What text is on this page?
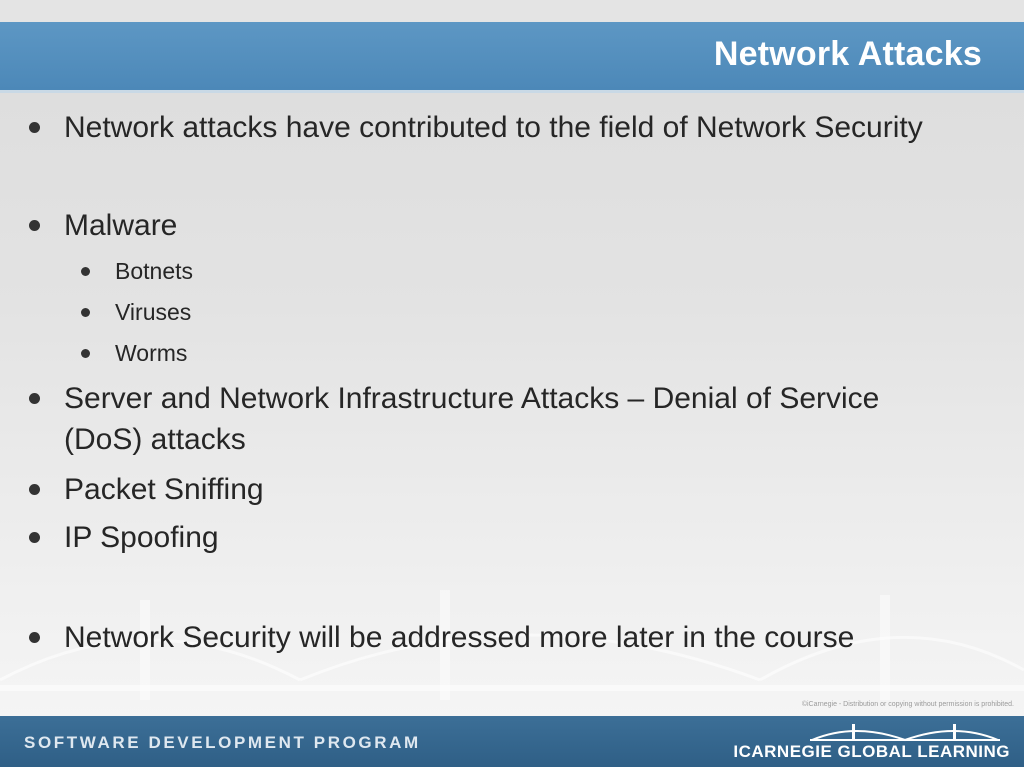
Network Attacks
Network attacks have contributed to the field of Network Security
Malware
Botnets
Viruses
Worms
Server and Network Infrastructure Attacks – Denial of Service
(DoS) attacks
Packet Sniffing
IP Spoofing
Network Security will be addressed more later in the course
©iCarnegie - Distribution or copying without permission is prohibited.
SOFTWARE DEVELOPMENT PROGRAM	ICARNEGIE GLOBAL LEARNING
